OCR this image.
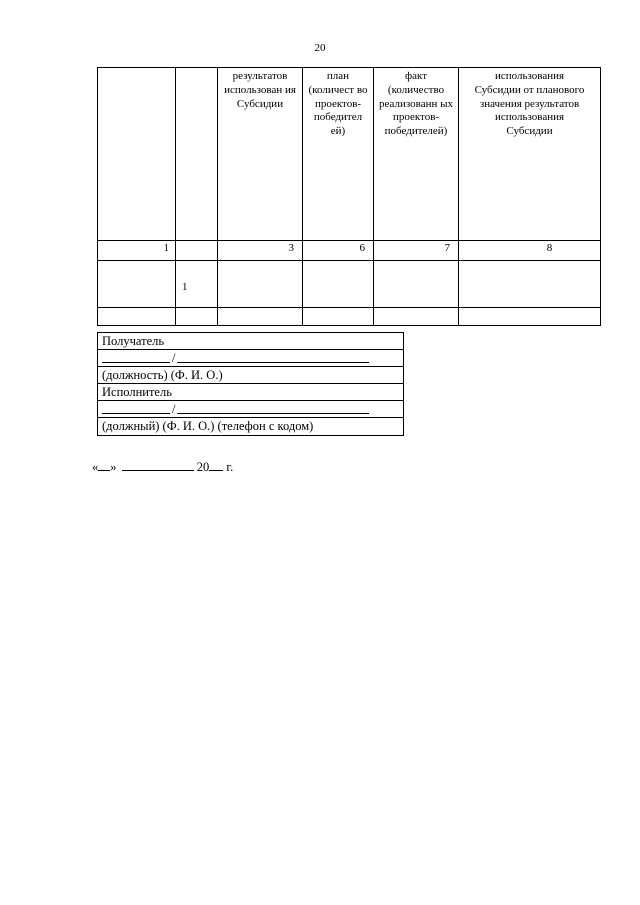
20

		результатов использован ия Субсидии	план (количест во проектов-победител ей)	факт (количество реализованн ых проектов-победителей)	использования Субсидии от планового значения результатов использования Субсидии

1		3	6	7	8
	1				

Получатель
/
(должность) (Ф. И. О.)
Исполнитель
/
(должный) (Ф. И. О.) (телефон с кодом)
« »	20 г.
